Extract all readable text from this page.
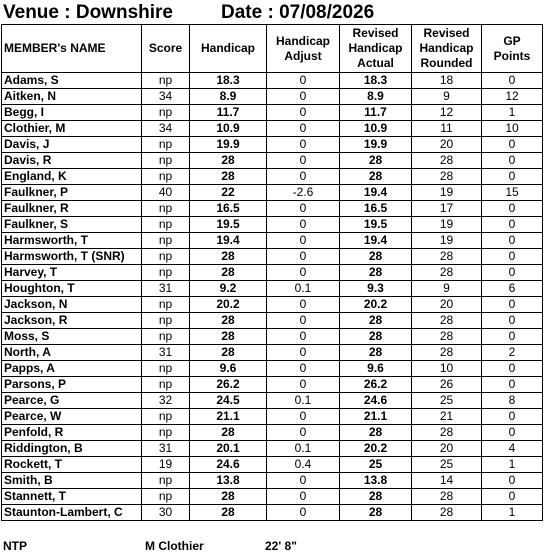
Venue : Downshire	Date : 07/08/2026
MEMBER's NAME	Score	Handicap	Handicap Adjust	Revised Handicap Actual	Revised Handicap Rounded	GP Points
Adams, S	np	18.3	0	18.3	18	0
Aitken, N	34	8.9	0	8.9	9	12
Begg, I	np	11.7	0	11.7	12	1
Clothier, M	34	10.9	0	10.9	11	10
Davis, J	np	19.9	0	19.9	20	0
Davis, R	np	28	0	28	28	0
England, K	np	28	0	28	28	0
Faulkner, P	40	22	-2.6	19.4	19	15
Faulkner, R	np	16.5	0	16.5	17	0
Faulkner, S	np	19.5	0	19.5	19	0
Harmsworth, T	np	19.4	0	19.4	19	0
Harmsworth, T (SNR)	np	28	0	28	28	0
Harvey, T	np	28	0	28	28	0
Houghton, T	31	9.2	0.1	9.3	9	6
Jackson, N	np	20.2	0	20.2	20	0
Jackson, R	np	28	0	28	28	0
Moss, S	np	28	0	28	28	0
North, A	31	28	0	28	28	2
Papps, A	np	9.6	0	9.6	10	0
Parsons, P	np	26.2	0	26.2	26	0
Pearce, G	32	24.5	0.1	24.6	25	8
Pearce, W	np	21.1	0	21.1	21	0
Penfold, R	np	28	0	28	28	0
Riddington, B	31	20.1	0.1	20.2	20	4
Rockett, T	19	24.6	0.4	25	25	1
Smith, B	np	13.8	0	13.8	14	0
Stannett, T	np	28	0	28	28	0
Staunton-Lambert, C	30	28	0	28	28	1
NTP	M Clothier	22' 8"
